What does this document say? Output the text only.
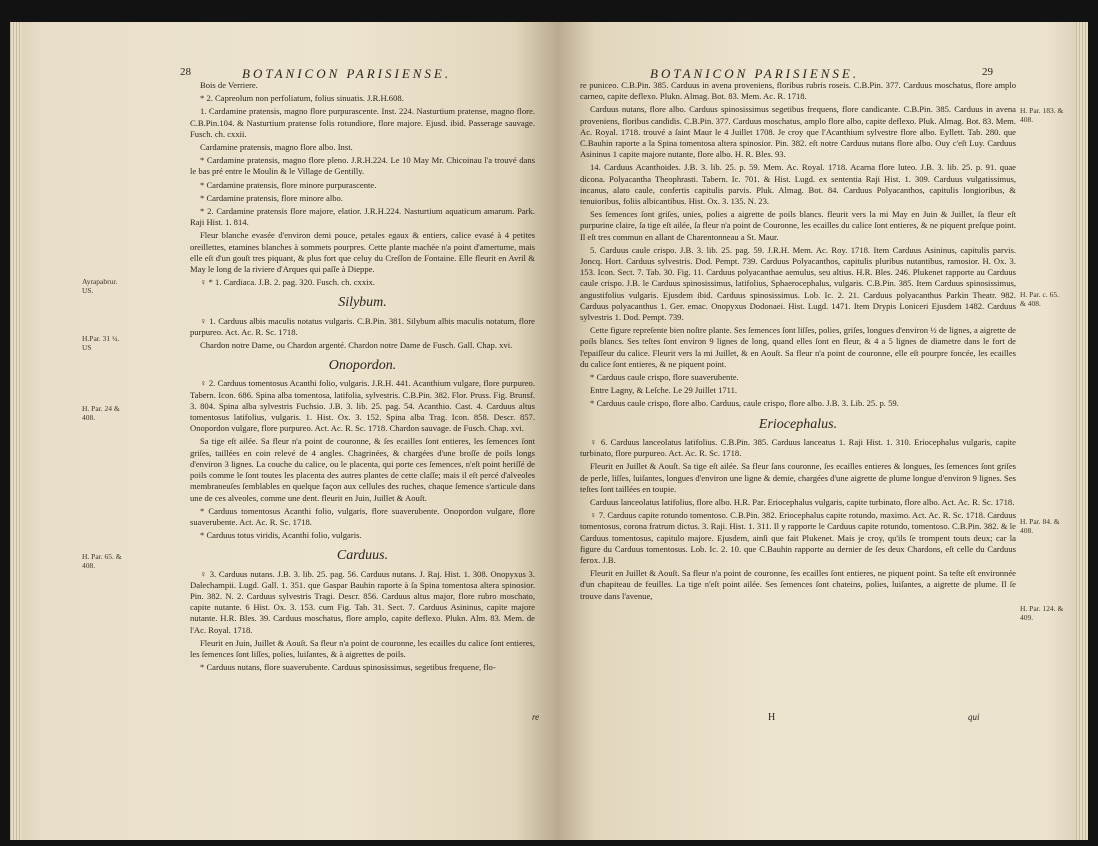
28	BOTANICON PARISIENSE.
Ayrapabrur. US.
H.Par. 31 ¼. US
H. Par. 24 & 408.
H. Par. 65. & 408.

Bois de Verriere.

* 2. Capreolum non perfoliatum, folius sinuatis. J.R.H.608.

1. Cardamine pratensis, magno flore purpurascente. Inst. 224. Nasturtium pratense, magno flore. C.B.Pin.104. & Nasturtium pratense folis rotundiore, flore majore. Ejusd. ibid. Passerage sauvage. Fusch. ch. cxxii.

Cardamine pratensis, magno flore albo. Inst.

* Cardamine pratensis, magno flore pleno. J.R.H.224. Le 10 May Mr. Chicoinau l'a trouvé dans le bas pré entre le Moulin & le Village de Gentilly.

* Cardamine pratensis, flore minore purpurascente.

* Cardamine pratensis, flore minore albo.

* 2. Cardamine pratensis flore majore, elatior. J.R.H.224. Nasturtium aquaticum amarum. Park. Raji Hist. 1. 814.

Fleur blanche evasée d'environ demi pouce, petales egaux & entiers, calice evasé à 4 petites oreillettes, etamines blanches à sommets pourpres. Cette plante machée n'a point d'amertume, mais elle eſt d'un gouſt tres piquant, & plus fort que celuy du Creſſon de Fontaine. Elle fleurit en Avril & May le long de la riviere d'Arques qui paſſe à Dieppe.

♀ * 1. Cardiaca. J.B. 2. pag. 320. Fusch. ch. cxxix.

Silybum.

♀ 1. Carduus albis maculis notatus vulgaris. C.B.Pin. 381. Silybum albis maculis notatum, flore purpureo. Act. Ac. R. Sc. 1718.

Chardon notre Dame, ou Chardon argenté. Chardon notre Dame de Fusch. Gall. Chap. xvi.

Onopordon.

♀ 2. Carduus tomentosus Acanthi folio, vulgaris. J.R.H. 441. Acanthium vulgare, flore purpureo. Tabern. Icon. 686. Spina alba tomentosa, latifolia, sylvestris. C.B.Pin. 382. Flor. Pruss. Fig. Brunsf. 3. 804. Spina alba sylvestris Fuchsio. J.B. 3. lib. 25. pag. 54. Acanthio. Cast. 4. Carduus altus tomentosus latifolius, vulgaris. 1. Hist. Ox. 3. 152. Spina alba Trag. Icon. 858. Descr. 857. Onopordon vulgare, flore purpureo. Act. Ac. R. Sc. 1718. Chardon sauvage. de Fusch. Chap. xvi.

Sa tige eſt ailée. Sa fleur n'a point de couronne, & ſes ecailles ſont entieres, les ſemences ſont griſes, taillées en coin relevé de 4 angles. Chagrinées, & chargées d'une broſſe de poils longs d'environ 3 lignes. La couche du calice, ou le placenta, qui porte ces ſemences, n'eſt point heriſſé de poils comme le ſont toutes les placenta des autres plantes de cette claſſe; mais il eſt percé d'alveoles membraneuſes ſemblables en quelque façon aux cellules des ruches, chaque ſemence s'articule dans une de ces alveoles, comme une dent. fleurit en Juin, Juillet & Aouſt.

* Carduus tomentosus Acanthi folio, vulgaris, flore suaverubente. Onopordon vulgare, flore suaverubente. Act. Ac. R. Sc. 1718.

* Carduus totus viridis, Acanthi folio, vulgaris.

Carduus.

♀ 3. Carduus nutans. J.B. 3. lib. 25. pag. 56. Carduus nutans. J. Raj. Hist. 1. 308. Onopyxus 3. Dalechampii. Lugd. Gall. 1. 351. que Gaspar Bauhin raporte à ſa Spina tomentosa altera spinosior. Pin. 382. N. 2. Carduus sylvestris Tragi. Descr. 856. Carduus altus major, flore rubro moschato, capite nutante. 6 Hist. Ox. 3. 153. cum Fig. Tab. 31. Sect. 7. Carduus Asininus, capite majore nutante. H.R. Bles. 39. Carduus moschatus, flore amplo, capite deflexo. Plukn. Alm. 83. Mem. de l'Ac. Royal. 1718.

Fleurit en Juin, Juillet & Aouſt. Sa fleur n'a point de couronne, les ecailles du calice ſont entieres, les ſemences ſont liſſes, polies, luiſantes, & à aigrettes de poils.

* Carduus nutans, flore suaverubente. Carduus spinosissimus, segetibus frequene, flo-

re
BOTANICON PARISIENSE.	29
H. Par. 183. & 408.
H. Par. c. 65. & 408.
H. Par. 84. & 408.
H. Par. 124. & 409.

re puniceo. C.B.Pin. 385. Carduus in avena proveniens, floribus rubris roseis. C.B.Pin. 377. Carduus moschatus, flore amplo carneo, capite deflexo. Plukn. Almag. Bot. 83. Mem. Ac. R. 1718.

Carduus nutans, flore albo. Carduus spinosissimus segetibus frequens, flore candicante. C.B.Pin. 385. Carduus in avena proveniens, floribus candidis. C.B.Pin. 377. Carduus moschatus, amplo flore albo, capite deflexo. Pluk. Almag. Bot. 83. Mem. Ac. Royal. 1718. trouvé a ſaint Maur le 4 Juillet 1708. Je croy que l'Acanthium sylvestre flore albo. Eyllett. Tab. 280. que C.Bauhin raporte a la Spina tomentosa altera spinosior. Pin. 382. eſt notre Carduus nutans flore albo. Ouy c'eſt Luy. Carduus Asininus 1 capite majore nutante, flore albo. H. R. Bles. 93.

14. Carduus Acanthoides. J.B. 3. lib. 25. p. 59. Mem. Ac. Royal. 1718. Acarna flore luteo. J.B. 3. lib. 25. p. 91. quae dicona. Polyacantha Theophrasti. Tabern. Ic. 701. & Hist. Lugd. ex sententia Raji Hist. 1. 309. Carduus vulgatissimus, incanus, alato caule, confertis capitulis parvis. Pluk. Almag. Bot. 84. Carduus Polyacanthos, capitulis longioribus, & tenuioribus, foliis albicantibus. Hist. Ox. 3. 135. N. 23.

Ses ſemences ſont griſes, unies, polies a aigrette de poils blancs. fleurit vers la mi May en Juin & Juillet, ſa fleur eſt purpurine claire, ſa tige eſt ailée, ſa fleur n'a point de Couronne, les ecailles du calice ſont entieres, & ne piquent preſque point. Il eſt tres commun en allant de Charentonneau a St. Maur.

5. Carduus caule crispo. J.B. 3. lib. 25. pag. 59. J.R.H. Mem. Ac. Roy. 1718. Item Carduus Asininus, capitulis parvis. Joncq. Hort. Carduus sylvestris. Dod. Pempt. 739. Carduus Polyacanthos, capitulis pluribus nutantibus, ramosior. H. Ox. 3. 153. Icon. Sect. 7. Tab. 30. Fig. 11. Carduus polyacanthae aemulus, seu altius. H.R. Bles. 246. Plukenet rapporte au Carduus caule crispo. J.B. le Carduus spinosissimus, latifolius, Sphaerocephalus, vulgaris. C.B.Pin. 385. Item Carduus spinosissimus, angustifolius vulgaris. Ejusdem ibid. Carduus spinosissimus. Lob. Ic. 2. 21. Carduus polyacanthus Parkin Theatr. 982. Carduus polyacanthus 1. Ger. emac. Onopyxus Dodonaei. Hist. Lugd. 1471. Item Drypis Loniceri Ejusdem 1482. Carduus sylvestris 1. Dod. Pempt. 739.

Cette figure repreſente bien noſtre plante. Ses ſemences ſont liſſes, polies, griſes, longues d'environ ½ de lignes, a aigrette de poils blancs. Ses teſtes ſont environ 9 lignes de long, quand elles ſont en fleur, & 4 a 5 lignes de diametre dans le fort de l'epaiſſeur du calice. Fleurit vers la mi Juillet, & en Aouſt. Sa fleur n'a point de couronne, elle eſt pourpre foncée, les ecailles du calice ſont entieres, & ne piquent point.

* Carduus caule crispo, flore suaverubente.

Entre Lagny, & Leſche. Le 29 Juillet 1711.

* Carduus caule crispo, flore albo. Carduus, caule crispo, flore albo. J.B. 3. Lib. 25. p. 59.

Eriocephalus.

♀ 6. Carduus lanceolatus latifolius. C.B.Pin. 385. Carduus lanceatus 1. Raji Hist. 1. 310. Eriocephalus vulgaris, capite turbinato, flore purpureo. Act. Ac. R. Sc. 1718.

Fleurit en Juillet & Aouſt. Sa tige eſt ailée. Sa fleur ſans couronne, ſes ecailles entieres & longues, ſes ſemences ſont griſes de perle, liſſes, luiſantes, longues d'environ une ligne & demie, chargées d'une aigrette de plume longue d'environ 9 lignes. Ses teſtes ſont taillées en toupie.

Carduus lanceolatus latifolius, flore albo. H.R. Par. Eriocephalus vulgaris, capite turbinato, flore albo. Act. Ac. R. Sc. 1718.

♀ 7. Carduus capite rotundo tomentoso. C.B.Pin. 382. Eriocephalus capite rotundo, maximo. Act. Ac. R. Sc. 1718. Carduus tomentosus, corona fratrum dictus. 3. Raji. Hist. 1. 311. Il y rapporte le Carduus capite rotundo, tomentoso. C.B.Pin. 382. & le Carduus tomentosus, capitulo majore. Ejusdem, ainſi que fait Plukenet. Mais je croy, qu'ils ſe trompent touts deux; car la figure du Carduus tomentosus. Lob. Ic. 2. 10. que C.Bauhin rapporte au dernier de ſes deux Chardons, eſt celle du Carduus ferox. J.B.

Fleurit en Juillet & Aouſt. Sa fleur n'a point de couronne, ſes ecailles ſont entieres, ne piquent point. Sa teſte eſt environnée d'un chapiteau de feuilles. La tige n'eſt point ailée. Ses ſemences ſont chateins, polies, luiſantes, a aigrette de plume. Il ſe trouve dans l'avenue,

H	qui
